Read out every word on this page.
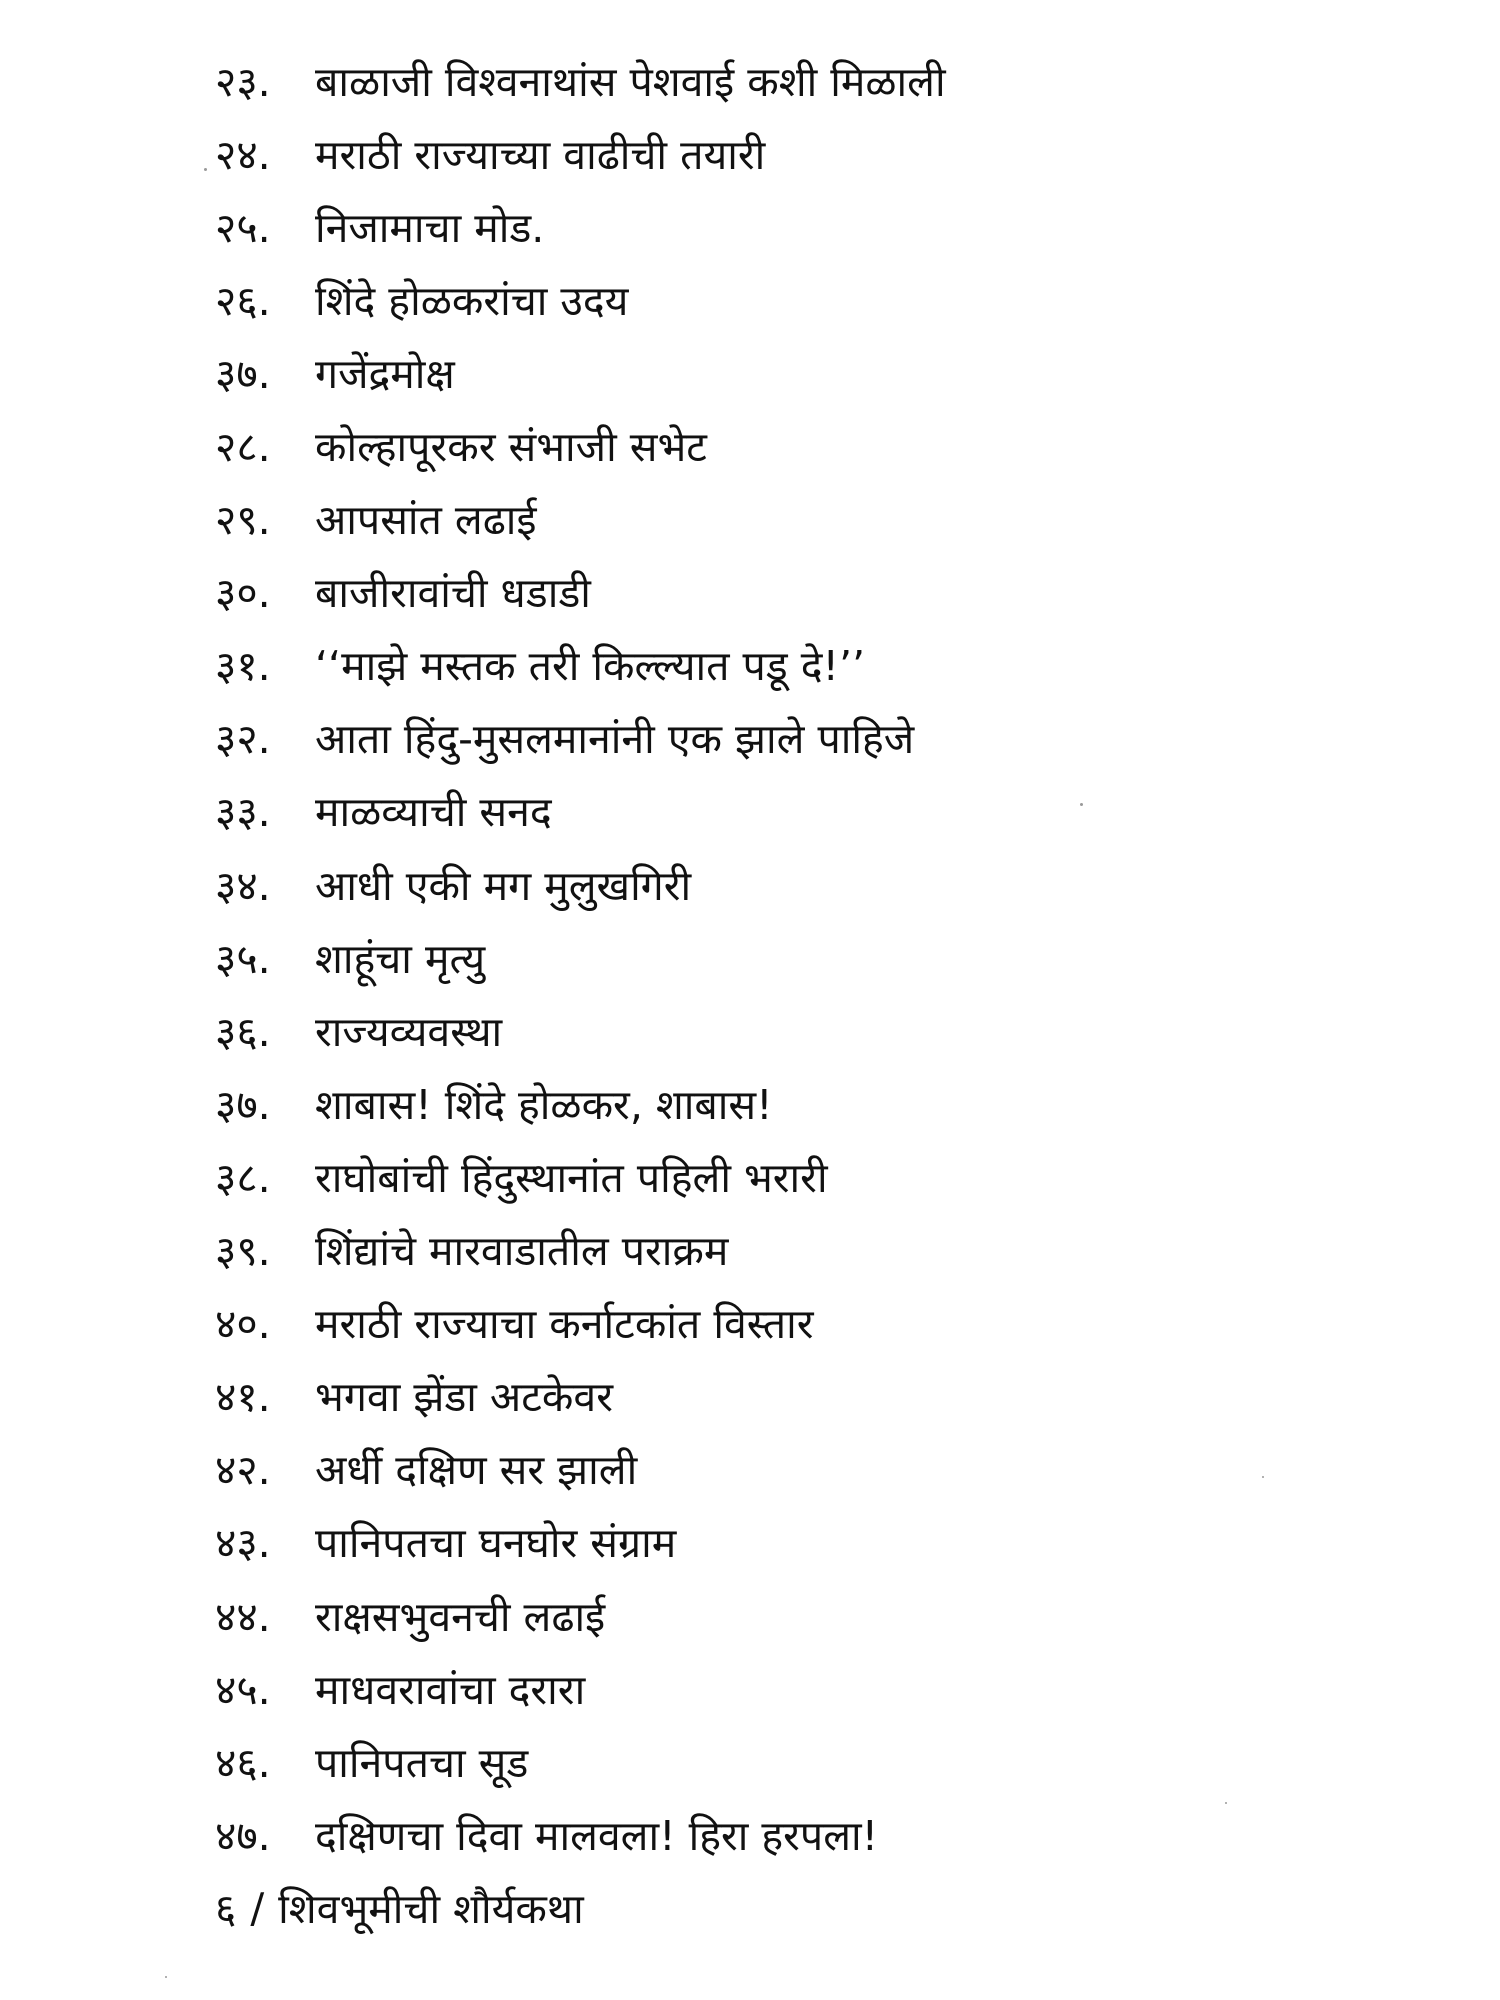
२३.	बाळाजी विश्वनाथांस पेशवाई कशी मिळाली
२४.	मराठी राज्याच्या वाढीची तयारी
२५.	निजामाचा मोड.
२६.	शिंदे होळकरांचा उदय
३७.	गजेंद्रमोक्ष
२८.	कोल्हापूरकर संभाजी सभेट
२९.	आपसांत लढाई
३०.	बाजीरावांची धडाडी
३१.	‘‘माझे मस्तक तरी किल्ल्यात पडू दे!’’
३२.	आता हिंदु-मुसलमानांनी एक झाले पाहिजे
३३.	माळव्याची सनद
३४.	आधी एकी मग मुलुखगिरी
३५.	शाहूंचा मृत्यु
३६.	राज्यव्यवस्था
३७.	शाबास! शिंदे होळकर, शाबास!
३८.	राघोबांची हिंदुस्थानांत पहिली भरारी
३९.	शिंद्यांचे मारवाडातील पराक्रम
४०.	मराठी राज्याचा कर्नाटकांत विस्तार
४१.	भगवा झेंडा अटकेवर
४२.	अर्धी दक्षिण सर झाली
४३.	पानिपतचा घनघोर संग्राम
४४.	राक्षसभुवनची लढाई
४५.	माधवरावांचा दरारा
४६.	पानिपतचा सूड
४७.	दक्षिणचा दिवा मालवला! हिरा हरपला!
६ / शिवभूमीची शौर्यकथा
